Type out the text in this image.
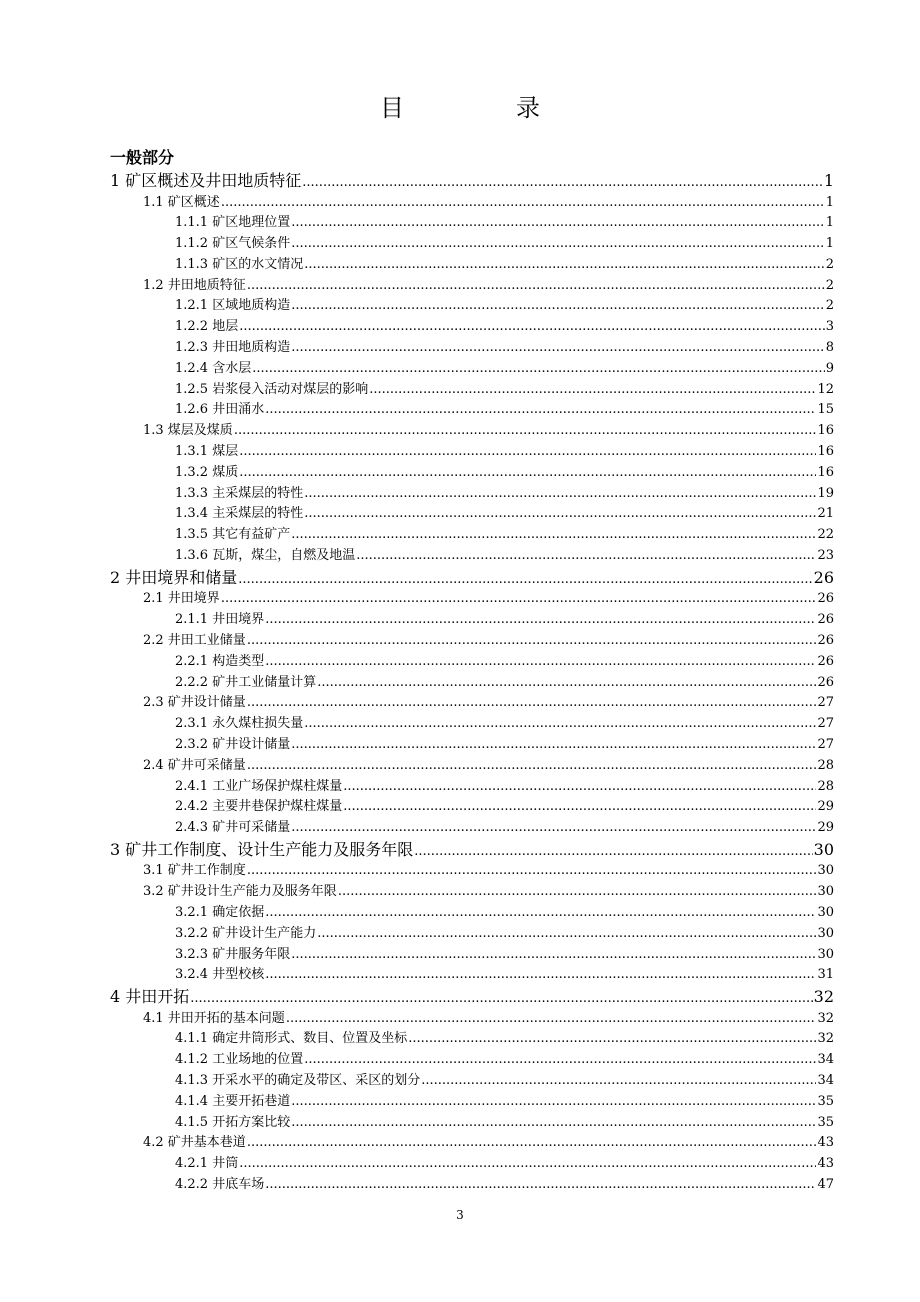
目　录
一般部分
1 矿区概述及井田地质特征 .....	1
1.1 矿区概述 .....	1
1.1.1 矿区地理位置 .....	1
1.1.2 矿区气候条件 .....	1
1.1.3 矿区的水文情况 .....	2
1.2 井田地质特征 .....	2
1.2.1 区域地质构造 .....	2
1.2.2 地层 .....	3
1.2.3 井田地质构造 .....	8
1.2.4 含水层 .....	9
1.2.5 岩浆侵入活动对煤层的影响 .....	12
1.2.6 井田涌水 .....	15
1.3 煤层及煤质 .....	16
1.3.1 煤层 .....	16
1.3.2 煤质 .....	16
1.3.3 主采煤层的特性 .....	19
1.3.4 主采煤层的特性 .....	21
1.3.5 其它有益矿产 .....	22
1.3.6 瓦斯，煤尘，自燃及地温 .....	23
2 井田境界和储量 .....	26
2.1 井田境界 .....	26
2.1.1 井田境界 .....	26
2.2 井田工业储量 .....	26
2.2.1 构造类型 .....	26
2.2.2 矿井工业储量计算 .....	26
2.3 矿井设计储量 .....	27
2.3.1 永久煤柱损失量 .....	27
2.3.2 矿井设计储量 .....	27
2.4 矿井可采储量 .....	28
2.4.1 工业广场保护煤柱煤量 .....	28
2.4.2 主要井巷保护煤柱煤量 .....	29
2.4.3 矿井可采储量 .....	29
3 矿井工作制度、设计生产能力及服务年限 .....	30
3.1 矿井工作制度 .....	30
3.2 矿井设计生产能力及服务年限 .....	30
3.2.1 确定依据 .....	30
3.2.2 矿井设计生产能力 .....	30
3.2.3 矿井服务年限 .....	30
3.2.4 井型校核 .....	31
4 井田开拓 .....	32
4.1 井田开拓的基本问题 .....	32
4.1.1 确定井筒形式、数目、位置及坐标 .....	32
4.1.2 工业场地的位置 .....	34
4.1.3 开采水平的确定及带区、采区的划分 .....	34
4.1.4 主要开拓巷道 .....	35
4.1.5 开拓方案比较 .....	35
4.2 矿井基本巷道 .....	43
4.2.1 井筒 .....	43
4.2.2 井底车场 .....	47
3
